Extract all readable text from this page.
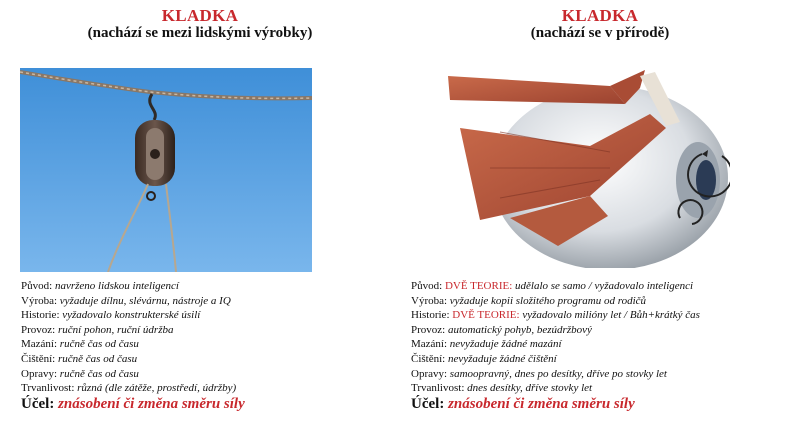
KLADKA
(nachází se mezi lidskými výrobky)
Původ: navrženo lidskou inteligencí
Výroba: vyžaduje dílnu, slévárnu, nástroje a IQ
Historie: vyžadovalo konstrukterské úsilí
Provoz: ruční pohon, ruční údržba
Mazání: ručně čas od času
Čištění: ručně čas od času
Opravy: ručně čas od času
Trvanlivost: různá (dle zátěže, prostředí, údržby)
Účel: znásobení či změna směru síly
KLADKA
(nachází se v přírodě)
Původ: DVĚ TEORIE: udělalo se samo / vyžadovalo inteligenci
Výroba: vyžaduje kopii složitého programu od rodičů
Historie: DVĚ TEORIE: vyžadovalo milióny let / Bůh+krátký čas
Provoz: automatický pohyb, bezúdržbový
Mazání: nevyžaduje žádné mazání
Čištění: nevyžaduje žádné čištění
Opravy: samoopravný, dnes po desítky, dříve po stovky let
Trvanlivost: dnes desítky, dříve stovky let
Účel: znásobení či změna směru síly
